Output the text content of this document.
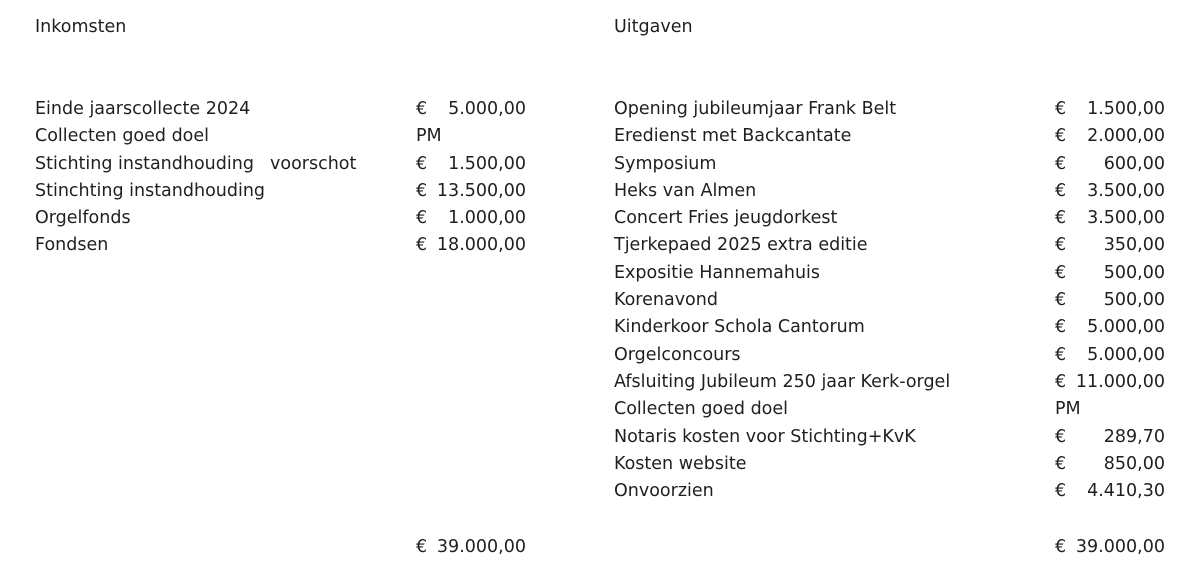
Inkomsten
Einde jaarscollecte 2024	€	5.000,00
Collecten goed doel	PM
Stichting instandhouding voorschot	€	1.500,00
Stinchting instandhouding	€ 13.500,00
Orgelfonds	€	1.000,00
Fondsen	€ 18.000,00
€ 39.000,00
Uitgaven
Opening jubileumjaar Frank Belt	€	1.500,00
Eredienst met Backcantate	€	2.000,00
Symposium	€	600,00
Heks van Almen	€	3.500,00
Concert Fries jeugdorkest	€	3.500,00
Tjerkepaed 2025 extra editie	€	350,00
Expositie Hannemahuis	€	500,00
Korenavond	€	500,00
Kinderkoor Schola Cantorum	€	5.000,00
Orgelconcours	€	5.000,00
Afsluiting Jubileum 250 jaar Kerk-orgel	€ 11.000,00
Collecten goed doel	PM
Notaris kosten voor Stichting+KvK	€	289,70
Kosten website	€	850,00
Onvoorzien	€	4.410,30
€ 39.000,00
